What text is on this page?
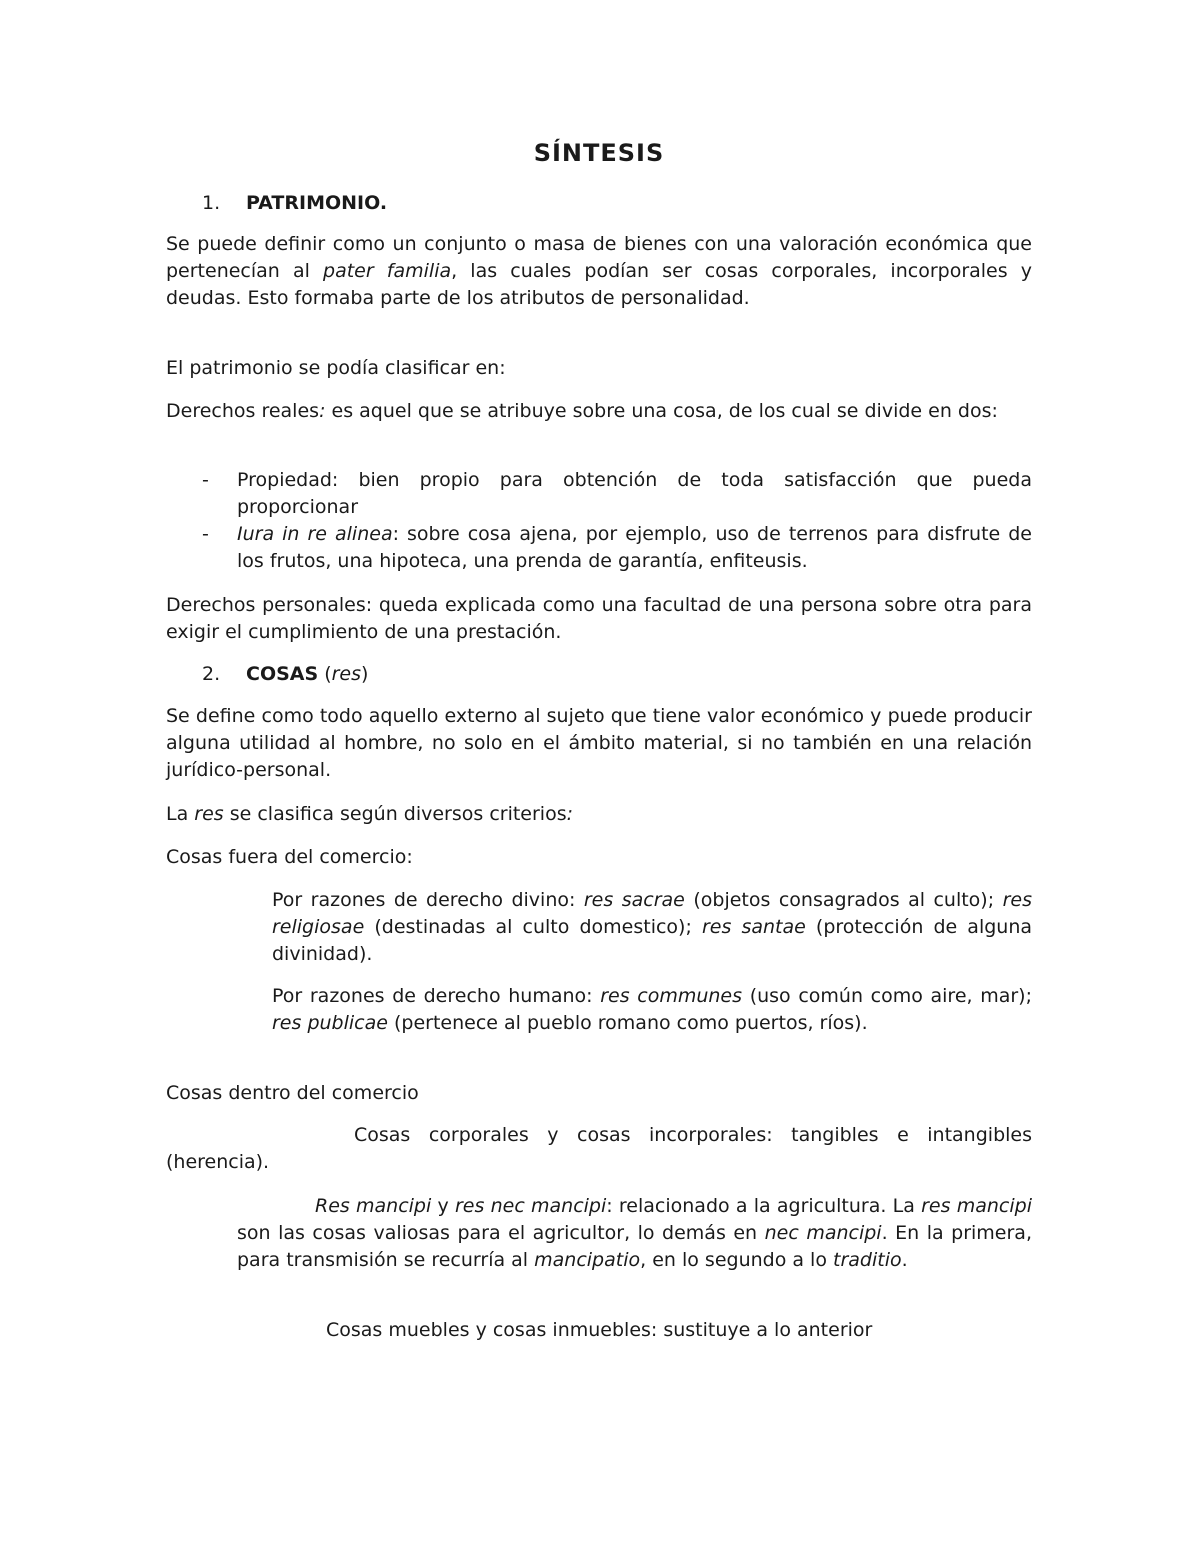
SÍNTESIS
1. PATRIMONIO.

Se puede definir como un conjunto o masa de bienes con una valoración económica que pertenecían al pater familia, las cuales podían ser cosas corporales, incorporales y deudas. Esto formaba parte de los atributos de personalidad.

El patrimonio se podía clasificar en:

Derechos reales: es aquel que se atribuye sobre una cosa, de los cual se divide en dos:

- Propiedad: bien propio para obtención de toda satisfacción que pueda proporcionar
- Iura in re alinea: sobre cosa ajena, por ejemplo, uso de terrenos para disfrute de los frutos, una hipoteca, una prenda de garantía, enfiteusis.

Derechos personales: queda explicada como una facultad de una persona sobre otra para exigir el cumplimiento de una prestación.

2. COSAS (res)

Se define como todo aquello externo al sujeto que tiene valor económico y puede producir alguna utilidad al hombre, no solo en el ámbito material, si no también en una relación jurídico-personal.

La res se clasifica según diversos criterios:

Cosas fuera del comercio:

Por razones de derecho divino: res sacrae (objetos consagrados al culto); res religiosae (destinadas al culto domestico); res santae (protección de alguna divinidad).

Por razones de derecho humano: res communes (uso común como aire, mar); res publicae (pertenece al pueblo romano como puertos, ríos).

Cosas dentro del comercio

Cosas corporales y cosas incorporales: tangibles e intangibles (herencia).

Res mancipi y res nec mancipi: relacionado a la agricultura. La res mancipi son las cosas valiosas para el agricultor, lo demás en nec mancipi. En la primera, para transmisión se recurría al mancipatio, en lo segundo a lo traditio.

Cosas muebles y cosas inmuebles: sustituye a lo anterior
